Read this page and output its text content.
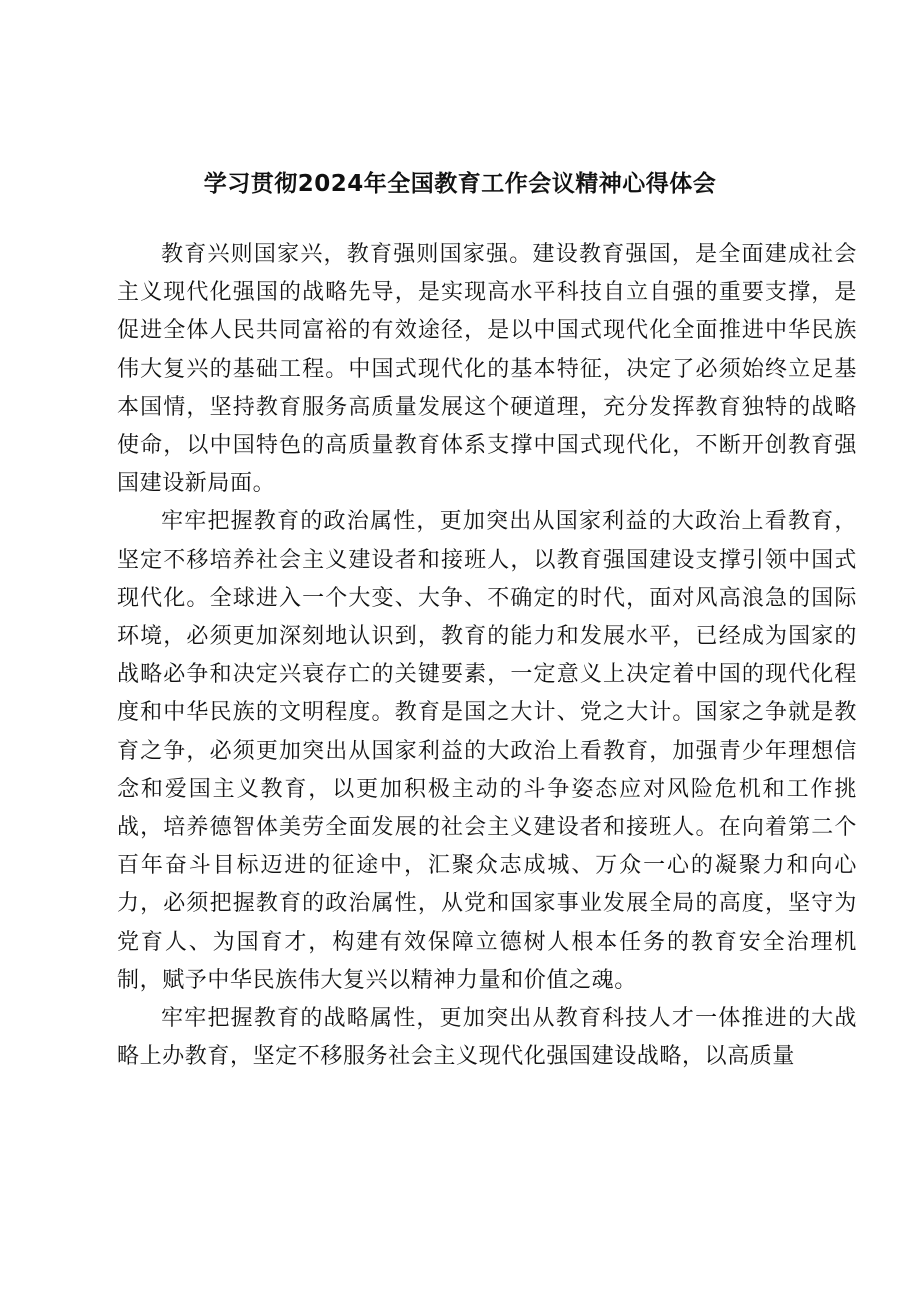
学习贯彻2024年全国教育工作会议精神心得体会

教育兴则国家兴，教育强则国家强。建设教育强国，是全面建成社会主义现代化强国的战略先导，是实现高水平科技自立自强的重要支撑，是促进全体人民共同富裕的有效途径，是以中国式现代化全面推进中华民族伟大复兴的基础工程。中国式现代化的基本特征，决定了必须始终立足基本国情，坚持教育服务高质量发展这个硬道理，充分发挥教育独特的战略使命，以中国特色的高质量教育体系支撑中国式现代化，不断开创教育强国建设新局面。

牢牢把握教育的政治属性，更加突出从国家利益的大政治上看教育，坚定不移培养社会主义建设者和接班人，以教育强国建设支撑引领中国式现代化。全球进入一个大变、大争、不确定的时代，面对风高浪急的国际环境，必须更加深刻地认识到，教育的能力和发展水平，已经成为国家的战略必争和决定兴衰存亡的关键要素，一定意义上决定着中国的现代化程度和中华民族的文明程度。教育是国之大计、党之大计。国家之争就是教育之争，必须更加突出从国家利益的大政治上看教育，加强青少年理想信念和爱国主义教育，以更加积极主动的斗争姿态应对风险危机和工作挑战，培养德智体美劳全面发展的社会主义建设者和接班人。在向着第二个百年奋斗目标迈进的征途中，汇聚众志成城、万众一心的凝聚力和向心力，必须把握教育的政治属性，从党和国家事业发展全局的高度，坚守为党育人、为国育才，构建有效保障立德树人根本任务的教育安全治理机制，赋予中华民族伟大复兴以精神力量和价值之魂。

牢牢把握教育的战略属性，更加突出从教育科技人才一体推进的大战略上办教育，坚定不移服务社会主义现代化强国建设战略，以高质量
